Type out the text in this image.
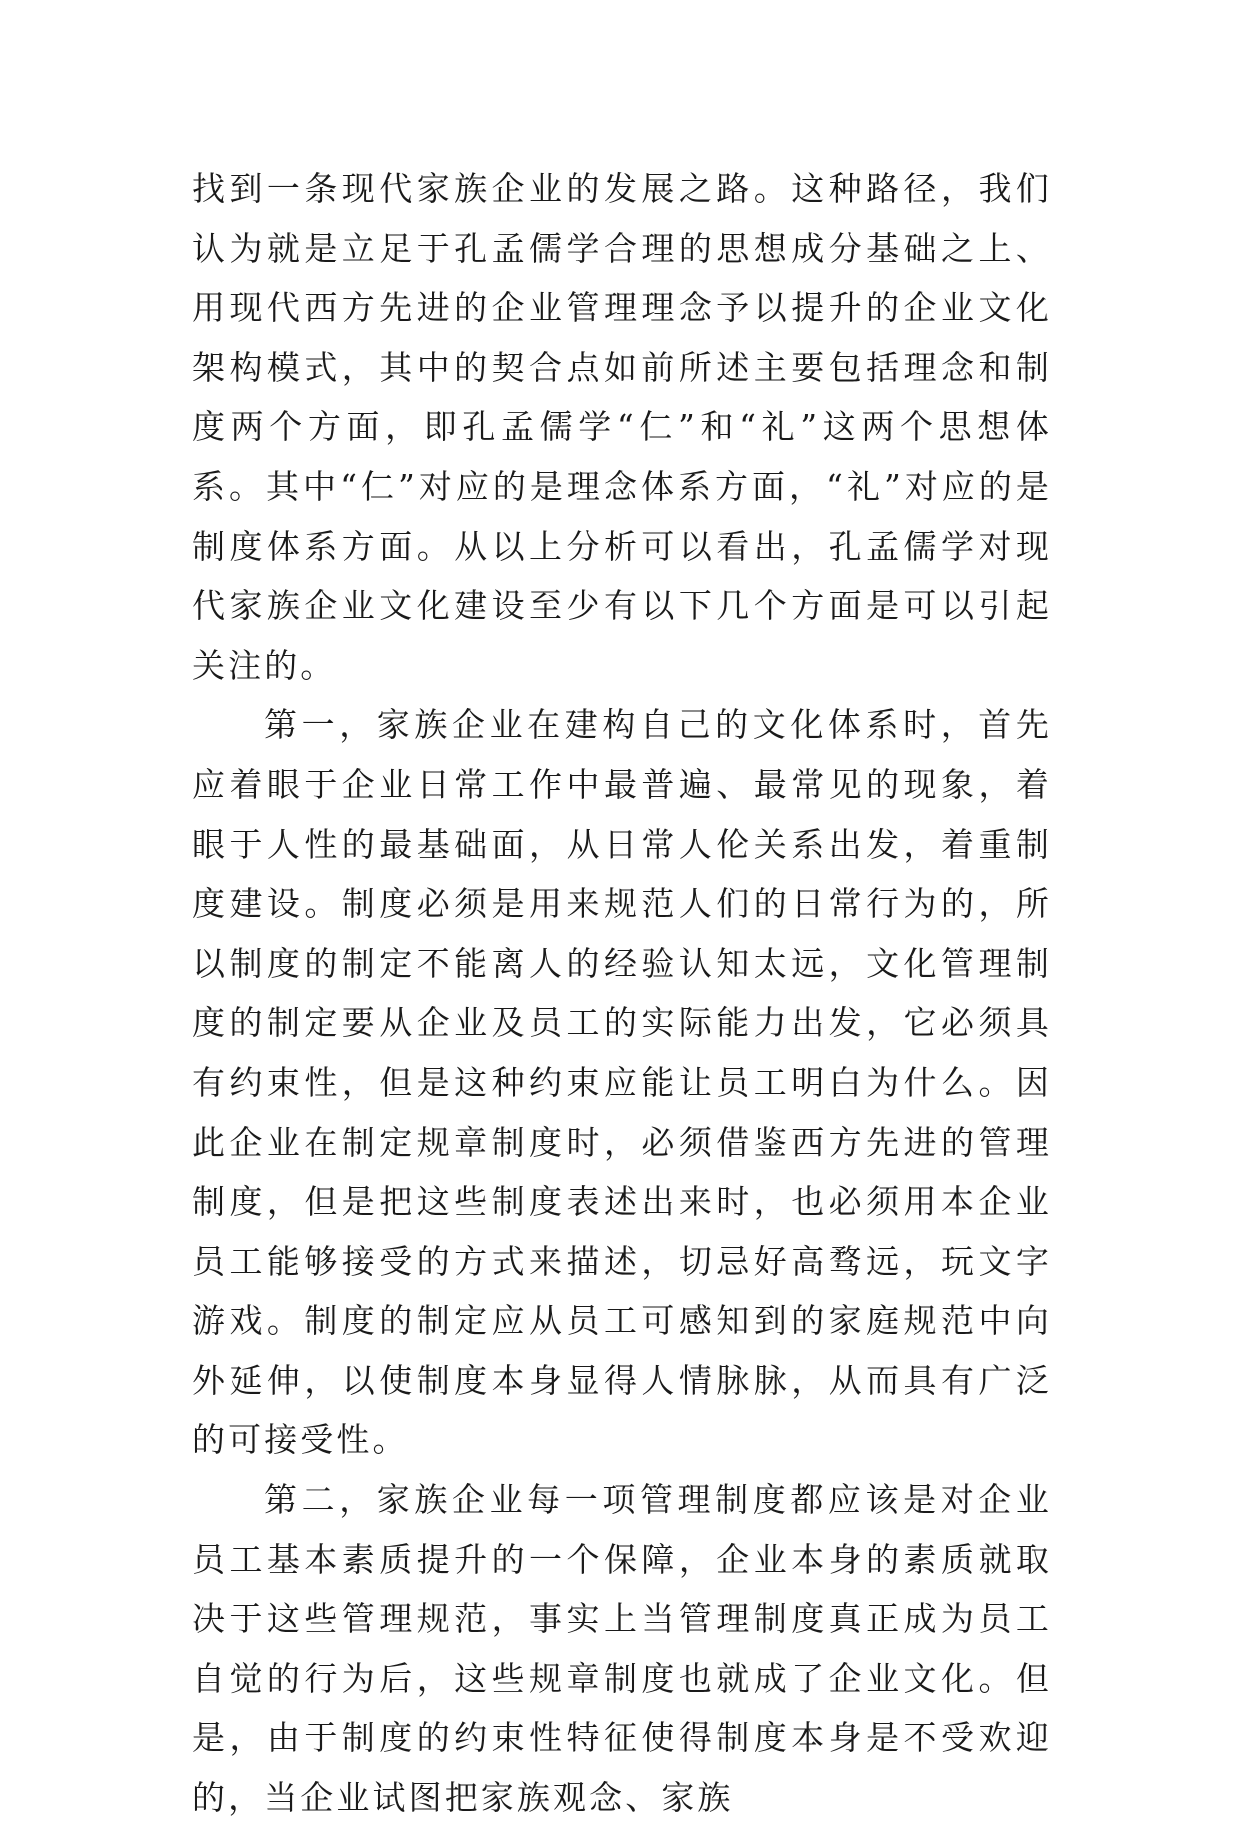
找到一条现代家族企业的发展之路。这种路径，我们认为就是立足于孔孟儒学合理的思想成分基础之上、用现代西方先进的企业管理理念予以提升的企业文化架构模式，其中的契合点如前所述主要包括理念和制度两个方面，即孔孟儒学“仁”和“礼”这两个思想体系。其中“仁”对应的是理念体系方面，“礼”对应的是制度体系方面。从以上分析可以看出，孔孟儒学对现代家族企业文化建设至少有以下几个方面是可以引起关注的。

第一，家族企业在建构自己的文化体系时，首先应着眼于企业日常工作中最普遍、最常见的现象，着眼于人性的最基础面，从日常人伦关系出发，着重制度建设。制度必须是用来规范人们的日常行为的，所以制度的制定不能离人的经验认知太远，文化管理制度的制定要从企业及员工的实际能力出发，它必须具有约束性，但是这种约束应能让员工明白为什么。因此企业在制定规章制度时，必须借鉴西方先进的管理制度，但是把这些制度表述出来时，也必须用本企业员工能够接受的方式来描述，切忌好高骛远，玩文字游戏。制度的制定应从员工可感知到的家庭规范中向外延伸，以使制度本身显得人情脉脉，从而具有广泛的可接受性。

第二，家族企业每一项管理制度都应该是对企业员工基本素质提升的一个保障，企业本身的素质就取决于这些管理规范，事实上当管理制度真正成为员工自觉的行为后，这些规章制度也就成了企业文化。但是，由于制度的约束性特征使得制度本身是不受欢迎的，当企业试图把家族观念、家族
